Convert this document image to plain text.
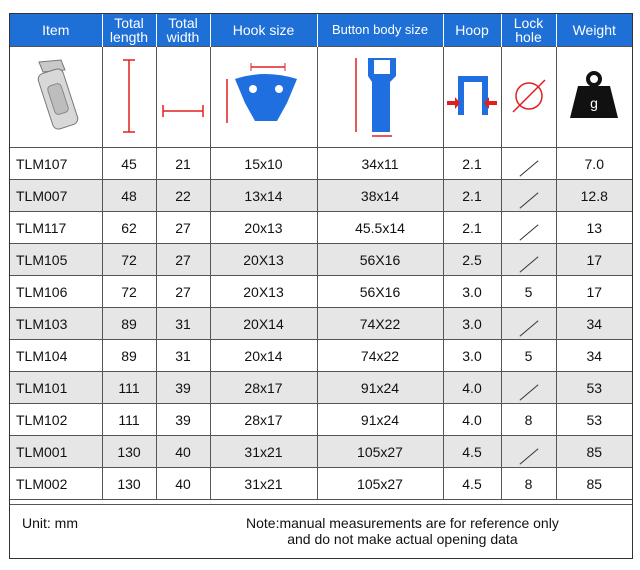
Item	Total length	Total width	Hook size	Button body size	Hoop	Lock hole	Weight

g

TLM107	45	21	15x10	34x11	2.1		7.0
TLM007	48	22	13x14	38x14	2.1		12.8
TLM117	62	27	20x13	45.5x14	2.1		13
TLM105	72	27	20X13	56X16	2.5		17
TLM106	72	27	20X13	56X16	3.0	5	17
TLM103	89	31	20X14	74X22	3.0		34
TLM104	89	31	20x14	74x22	3.0	5	34
TLM101	111	39	28x17	91x24	4.0		53
TLM102	111	39	28x17	91x24	4.0	8	53
TLM001	130	40	31x21	105x27	4.5		85
TLM002	130	40	31x21	105x27	4.5	8	85
Unit: mm	Note:manual measurements are for reference only
and do not make actual opening data
